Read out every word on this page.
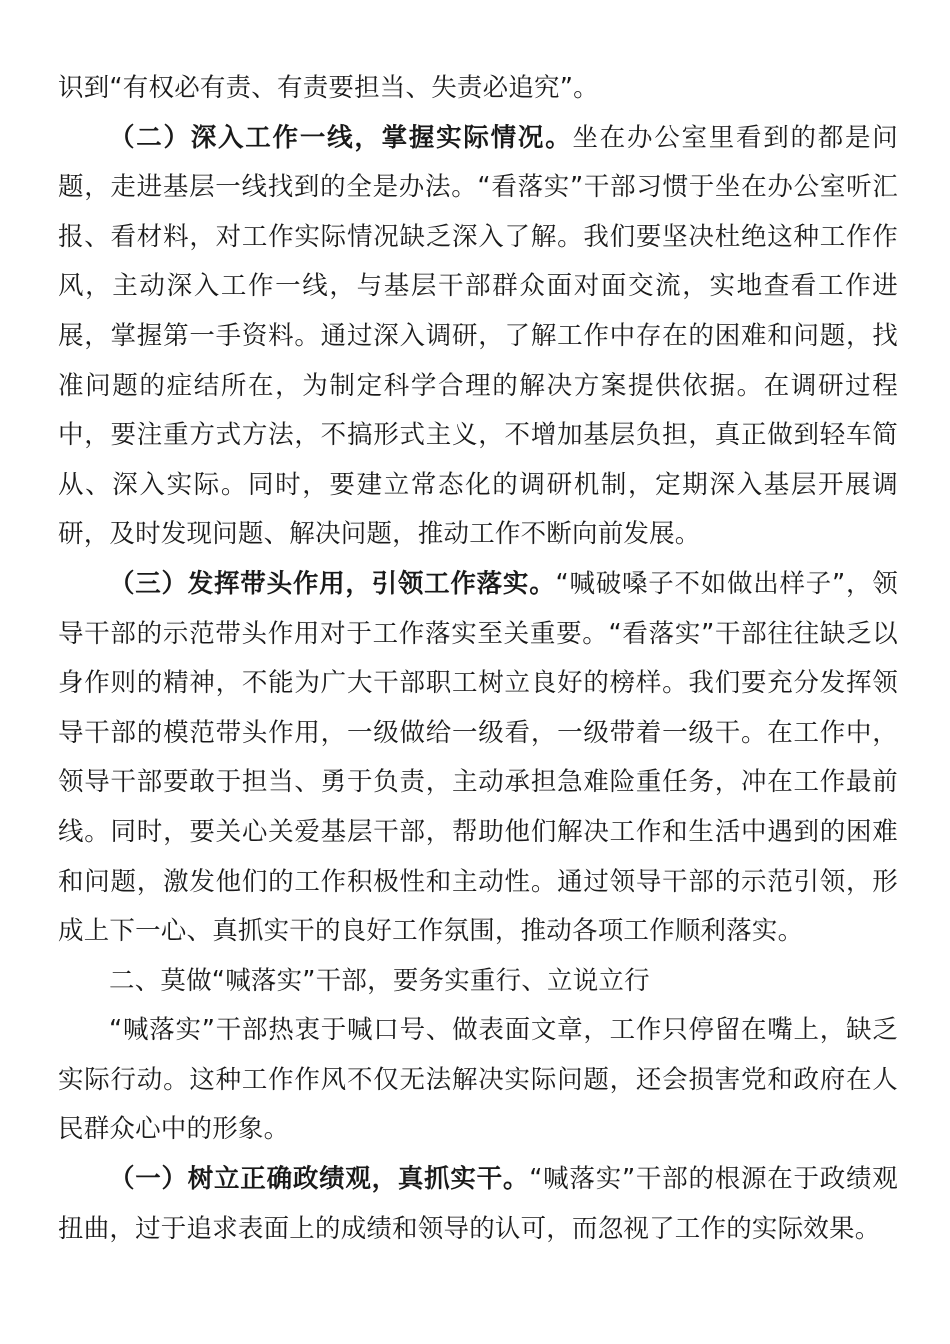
识到“有权必有责、有责要担当、失责必追究”。

（二）深入工作一线，掌握实际情况。坐在办公室里看到的都是问题，走进基层一线找到的全是办法。“看落实”干部习惯于坐在办公室听汇报、看材料，对工作实际情况缺乏深入了解。我们要坚决杜绝这种工作作风，主动深入工作一线，与基层干部群众面对面交流，实地查看工作进展，掌握第一手资料。通过深入调研，了解工作中存在的困难和问题，找准问题的症结所在，为制定科学合理的解决方案提供依据。在调研过程中，要注重方式方法，不搞形式主义，不增加基层负担，真正做到轻车简从、深入实际。同时，要建立常态化的调研机制，定期深入基层开展调研，及时发现问题、解决问题，推动工作不断向前发展。

（三）发挥带头作用，引领工作落实。“喊破嗓子不如做出样子”，领导干部的示范带头作用对于工作落实至关重要。“看落实”干部往往缺乏以身作则的精神，不能为广大干部职工树立良好的榜样。我们要充分发挥领导干部的模范带头作用，一级做给一级看，一级带着一级干。在工作中，领导干部要敢于担当、勇于负责，主动承担急难险重任务，冲在工作最前线。同时，要关心关爱基层干部，帮助他们解决工作和生活中遇到的困难和问题，激发他们的工作积极性和主动性。通过领导干部的示范引领，形成上下一心、真抓实干的良好工作氛围，推动各项工作顺利落实。

二、莫做“喊落实”干部，要务实重行、立说立行

“喊落实”干部热衷于喊口号、做表面文章，工作只停留在嘴上，缺乏实际行动。这种工作作风不仅无法解决实际问题，还会损害党和政府在人民群众心中的形象。

（一）树立正确政绩观，真抓实干。“喊落实”干部的根源在于政绩观扭曲，过于追求表面上的成绩和领导的认可，而忽视了工作的实际效果。
